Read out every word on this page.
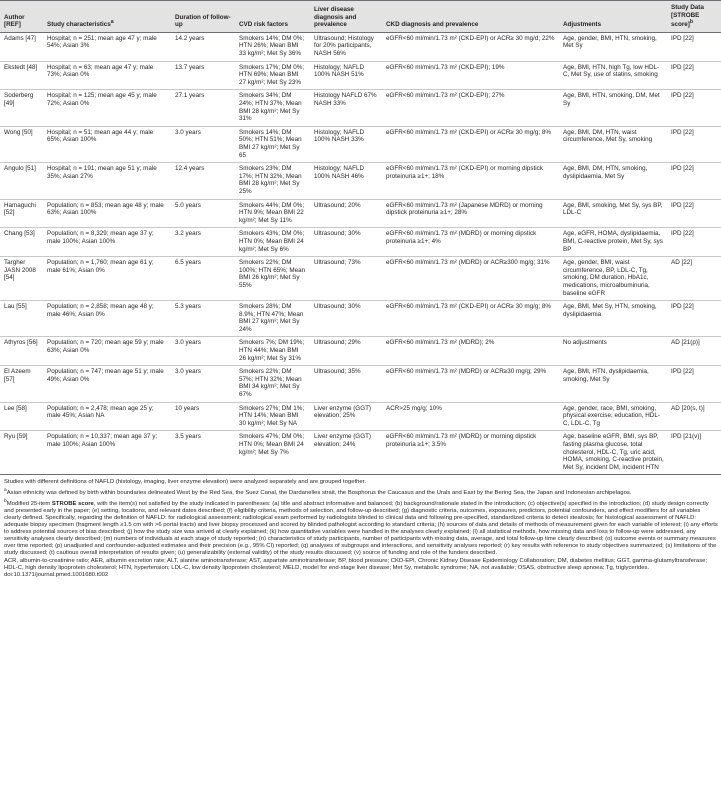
Author [REF]	Study characteristics$^a$	Duration of follow-up	CVD risk factors	Liver disease diagnosis and prevalence	CKD diagnosis and prevalence	Adjustments	Study Data [STROBE score]$^b$
Adams [47]	Hospital; n = 251; mean age 47 y; male 54%; Asian 3%	14.2 years	Smokers 14%; DM 0%; HTN 26%; Mean BMI 33 kg/m²; Met Sy 36%	Ultrasound; Histology for 20% participants, NASH 56%	eGFR<60 ml/min/1.73 m² (CKD-EPI) or ACR≥ 30 mg/d; 22%	Age, gender, BMI, HTN, smoking, Met Sy	IPD [22]
Ekstedt [48]	Hospital; n = 63; mean age 47 y; male 73%; Asian 0%	13.7 years	Smokers 17%; DM 0%; HTN 69%; Mean BMI 27 kg/m²; Met Sy 23%	Histology; NAFLD 100% NASH 51%	eGFR<60 ml/min/1.73 m² (CKD-EPI); 19%	Age, BMI, HTN, high Tg, low HDL-C, Met Sy, use of statins, smoking	IPD [22]
Soderberg [49]	Hospital; n = 125; mean age 45 y; male 72%; Asian 0%	27.1 years	Smokers 34%; DM 24%; HTN 37%; Mean BMI 28 kg/m²; Met Sy 31%	Histology NAFLD 67% NASH 33%	eGFR<60 ml/min/1.73 m² (CKD-EPI); 27%	Age, BMI, HTN, smoking, DM, Met Sy	IPD [22]
Wong [50]	Hospital; n = 51; mean age 44 y; male 65%; Asian 100%	3.0 years	Smokers 14%; DM 50%; HTN 51%; Mean BMI 27 kg/m²; Met Sy 65	Histology; NAFLD 100% NASH 33%	eGFR<60 ml/min/1.73 m² (CKD-EPI) or ACR≥ 30 mg/g; 8%	Age, BMI, DM, HTN, waist circumference, Met Sy, smoking	IPD [22]
Angulo [51]	Hospital; n = 191; mean age 51 y; male 35%; Asian 27%	12.4 years	Smokers 23%; DM 17%; HTN 32%; Mean BMI 28 kg/m²; Met Sy 25%	Histology; NAFLD 100% NASH 46%	eGFR<60 ml/min/1.73 m² (CKD-EPI) or morning dipstick proteinuria ≥1+; 18%	Age, BMI, DM, HTN, smoking, dyslipidaemia, Met Sy	IPD [22]
Hamaguchi [52]	Population; n = 853; mean age 48 y; male 63%; Asian 100%	5.0 years	Smokers 44%; DM 0%; HTN 9%; Mean BMI 22 kg/m²; Met Sy 11%	Ultrasound; 20%	eGFR<60 ml/min/1.73 m² (Japanese MDRD) or morning dipstick proteinuria ≥1+; 28%	Age, BMI, smoking, Met Sy, sys BP, LDL-C	IPD [22]
Chang [53]	Population; n = 8,329; mean age 37 y; male 100%; Asian 100%	3.2 years	Smokers 43%; DM 0%; HTN 0%; Mean BMI 24 kg/m²; Met Sy 6%	Ultrasound; 30%	eGFR<60 ml/min/1.73 m² (MDRD) or morning dipstick proteinuria ≥1+; 4%	Age, eGFR, HOMA, dyslipidaemia, BMI, C-reactive protein, Met Sy, sys BP	IPD [22]
Targher JASN 2008 [54]	Population; n = 1,760; mean age 61 y; male 61%; Asian 0%	6.5 years	Smokers 22%; DM 100%; HTN 65%; Mean BMI 26 kg/m²; Met Sy 55%	Ultrasound; 73%	eGFR<60 ml/min/1.73 m² (MDRD) or ACR≥300 mg/g; 31%	Age, gender, BMI, waist circumference, BP, LDL-C, Tg, smoking, DM duration, HbA1c, medications, microalbuminuria, baseline eGFR	AD [22]
Lau [55]	Population; n = 2,858; mean age 48 y; male 46%; Asian 0%	5.3 years	Smokers 28%; DM 8.9%; HTN 47%; Mean BMI 27 kg/m²; Met Sy 24%	Ultrasound; 30%	eGFR<60 ml/min/1.73 m² (CKD-EPI) or ACR≥ 30 mg/g; 8%	Age, BMI, Met Sy, HTN, smoking, dyslipidaemia	IPD [22]
Athyros [56]	Population; n = 720; mean age 59 y; male 63%; Asian 0%	3.0 years	Smokers 7%; DM 19%; HTN 44%; Mean BMI 26 kg/m²; Met Sy 31%	Ultrasound; 29%	eGFR<60 ml/min/1.73 m² (MDRD); 2%	No adjustments	AD [21(p)]
El Azeem [57]	Population; n = 747; mean age 51 y; male 49%; Asian 0%	3.0 years	Smokers 22%; DM 57%; HTN 32%; Mean BMI 34 kg/m²; Met Sy 67%	Ultrasound; 35%	eGFR<60 ml/min/1.73 m² (MDRD) or ACR≥30 mg/g; 29%	Age, BMI, HTN, dyslipidaemia, smoking, Met Sy	IPD [22]
Lee [58]	Population; n = 2,478; mean age 25 y; male 45%; Asian NA	10 years	Smokers 27%; DM 1%; HTN 14%; Mean BMI 30 kg/m²; Met Sy NA	Liver enzyme (GGT) elevation; 25%	ACR>25 mg/g; 10%	Age, gender, race, BMI, smoking, physical exercise, education, HDL-C, LDL-C, Tg	AD [20(s, t)]
Ryu [59]	Population; n = 10,337; mean age 37 y; male 100%; Asian 100%	3.5 years	Smokers 47%; DM 0%; HTN 0%; Mean BMI 24 kg/m²; Met Sy 7%	Liver enzyme (GGT) elevation; 24%	eGFR<60 ml/min/1.73 m² (MDRD) or morning dipstick proteinuria ≥1+; 3.5%	Age, baseline eGFR, BMI, sys BP, fasting plasma glucose, total cholesterol, HDL-C, Tg, uric acid, HOMA, smoking, C-reactive protein, Met Sy, incident DM, incident HTN	IPD [21(v)]

Studies with different definitions of NAFLD (histology, imaging, liver enzyme elevation) were analyzed separately and are grouped together.

$^a$Asian ethnicity was defined by birth within boundaries delineated West by the Red Sea, the Suez Canal, the Dardanelles strait, the Bosphorus the Caucasus and the Urals and East by the Bering Sea, the Japan and Indonesian archipelagos.

$^b$Modified 25-item STROBE score, with the item(s) not satisfied by the study indicated in parentheses: (a) title and abstract informative and balanced; (b) background/rationale stated in the introduction; (c) objective(s) specified in the introduction; (d) study design correctly and presented early in the paper; (e) setting, locations, and relevant dates described; (f) eligibility criteria, methods of selection, and follow-up described; (g) diagnostic criteria, outcomes, exposures, predictors, potential confounders, and effect modifiers for all variables clearly defined. Specifically, regarding the definition of NAFLD: for radiological assessment: radiological exam performed by radiologists blinded to clinical data and following pre-specified, standardized criteria to detect steatosis; for histological assessment of NAFLD: adequate biopsy specimen (fragment length ≥1.5 cm with >6 portal tracts) and liver biopsy processed and scored by blinded pathologist according to standard criteria; (h) sources of data and details of methods of measurement given for each variable of interest; (i) any efforts to address potential sources of bias described; (j) how the study size was arrived at clearly explained; (k) how quantitative variables were handled in the analyses clearly explained; (l) all statistical methods, how missing data and loss to follow-up were addressed, any sensitivity analyses clearly described; (m) numbers of individuals at each stage of study reported; (n) characteristics of study participants, number of participants with missing data, average, and total follow-up time clearly described; (o) outcome events or summary measures over time reported; (p) unadjusted and confounder-adjusted estimates and their precision (e.g., 95% CI) reported; (q) analyses of subgroups and interactions, and sensitivity analyses reported; (r) key results with reference to study objectives summarized; (s) limitations of the study discussed; (t) cautious overall interpretation of results given; (u) generalizability (external validity) of the study results discussed; (v) source of funding and role of the funders described.

ACR, albumin-to-creatinine ratio; AER, albumin excretion rate; ALT, alanine aminotransferase; AST, aspartate aminotransferase; BP, blood pressure; CKD-EPI, Chronic Kidney Disease Epidemiology Collaboration; DM, diabetes mellitus; GGT, gamma-glutamyltransferase; HDL-C, high density lipoprotein cholesterol; HTN, hypertension; LDL-C, low density lipoprotein cholesterol; MELD, model for end-stage liver disease; Met Sy, metabolic syndrome; NA, not available; OSAS, obstructive sleep apnoea; Tg, triglycerides.

doi:10.1371/journal.pmed.1001680.t002
